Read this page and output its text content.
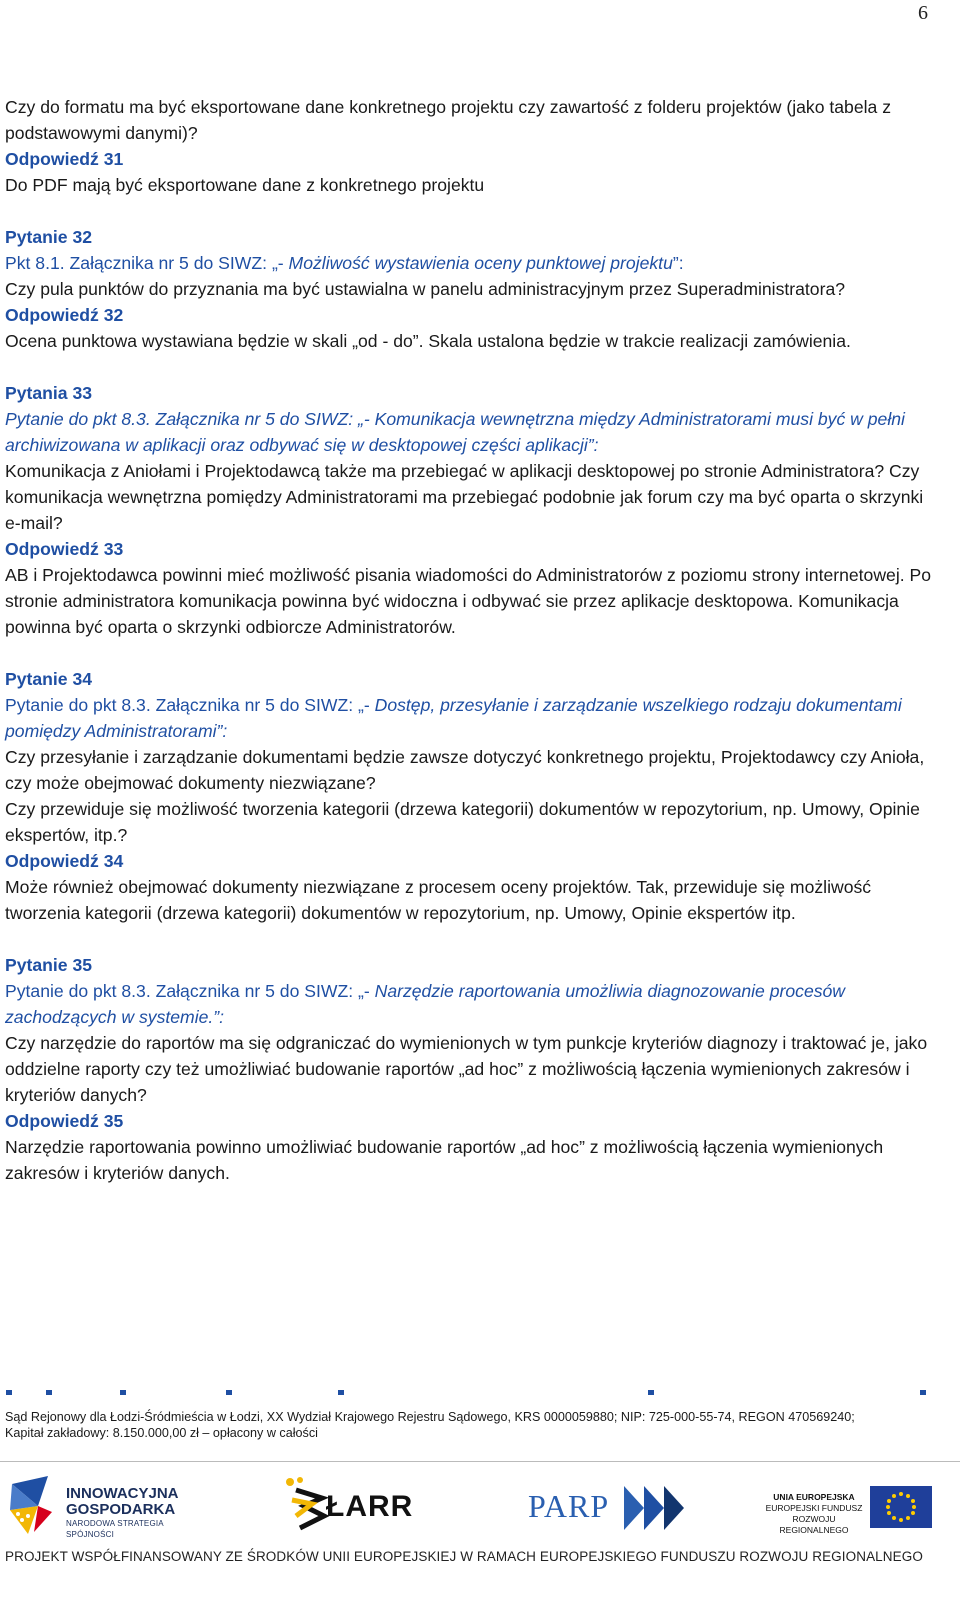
6

Czy do formatu ma być eksportowane dane konkretnego projektu czy zawartość z folderu projektów (jako tabela z podstawowymi danymi)?

Odpowiedź 31

Do PDF mają być eksportowane dane z konkretnego projektu

Pytanie 32

Pkt 8.1. Załącznika nr 5 do SIWZ: „- Możliwość wystawienia oceny punktowej projektu”:

Czy pula punktów do przyznania ma być ustawialna w panelu administracyjnym przez Superadministratora?

Odpowiedź 32

Ocena punktowa wystawiana będzie w skali „od - do”. Skala ustalona będzie w trakcie realizacji zamówienia.

Pytania 33

Pytanie do pkt 8.3. Załącznika nr 5 do SIWZ: „- Komunikacja wewnętrzna między Administratorami musi być w pełni archiwizowana w aplikacji oraz odbywać się w desktopowej części aplikacji”:

Komunikacja z Aniołami i Projektodawcą także ma przebiegać w aplikacji desktopowej po stronie Administratora? Czy komunikacja wewnętrzna pomiędzy Administratorami ma przebiegać podobnie jak forum czy ma być oparta o skrzynki e-mail?

Odpowiedź 33

AB i Projektodawca powinni mieć możliwość pisania wiadomości do Administratorów z poziomu strony internetowej. Po stronie administratora komunikacja powinna być widoczna i odbywać sie przez aplikacje desktopowa. Komunikacja powinna być oparta o skrzynki odbiorcze Administratorów.

Pytanie 34

Pytanie do pkt 8.3. Załącznika nr 5 do SIWZ: „- Dostęp, przesyłanie i zarządzanie wszelkiego rodzaju dokumentami pomiędzy Administratorami”:

Czy przesyłanie i zarządzanie dokumentami będzie zawsze dotyczyć konkretnego projektu, Projektodawcy czy Anioła, czy może obejmować dokumenty niezwiązane?

Czy przewiduje się możliwość tworzenia kategorii (drzewa kategorii) dokumentów w repozytorium, np. Umowy, Opinie ekspertów, itp.?

Odpowiedź 34

Może również obejmować dokumenty niezwiązane z procesem oceny projektów. Tak, przewiduje się możliwość tworzenia kategorii (drzewa kategorii) dokumentów w repozytorium, np. Umowy, Opinie ekspertów itp.

Pytanie 35

Pytanie do pkt 8.3. Załącznika nr 5 do SIWZ: „- Narzędzie raportowania umożliwia diagnozowanie procesów zachodzących w systemie.”:

Czy narzędzie do raportów ma się odgraniczać do wymienionych w tym punkcje kryteriów diagnozy i traktować je, jako oddzielne raporty czy też umożliwiać budowanie raportów „ad hoc” z możliwością łączenia wymienionych zakresów i kryteriów danych?

Odpowiedź 35

Narzędzie raportowania powinno umożliwiać budowanie raportów „ad hoc” z możliwością łączenia wymienionych zakresów i kryteriów danych.

Sąd Rejonowy dla Łodzi-Śródmieścia w Łodzi, XX Wydział Krajowego Rejestru Sądowego, KRS 0000059880; NIP: 725-000-55-74, REGON 470569240;
Kapitał zakładowy: 8.150.000,00 zł – opłacony w całości
INNOWACYJNA
GOSPODARKA
NARODOWA STRATEGIA SPÓJNOŚCI
ŁARR	PARP	UNIA EUROPEJSKA
EUROPEJSKI FUNDUSZ
ROZWOJU REGIONALNEGO
PROJEKT WSPÓŁFINANSOWANY ZE ŚRODKÓW UNII EUROPEJSKIEJ W RAMACH EUROPEJSKIEGO FUNDUSZU ROZWOJU REGIONALNEGO
